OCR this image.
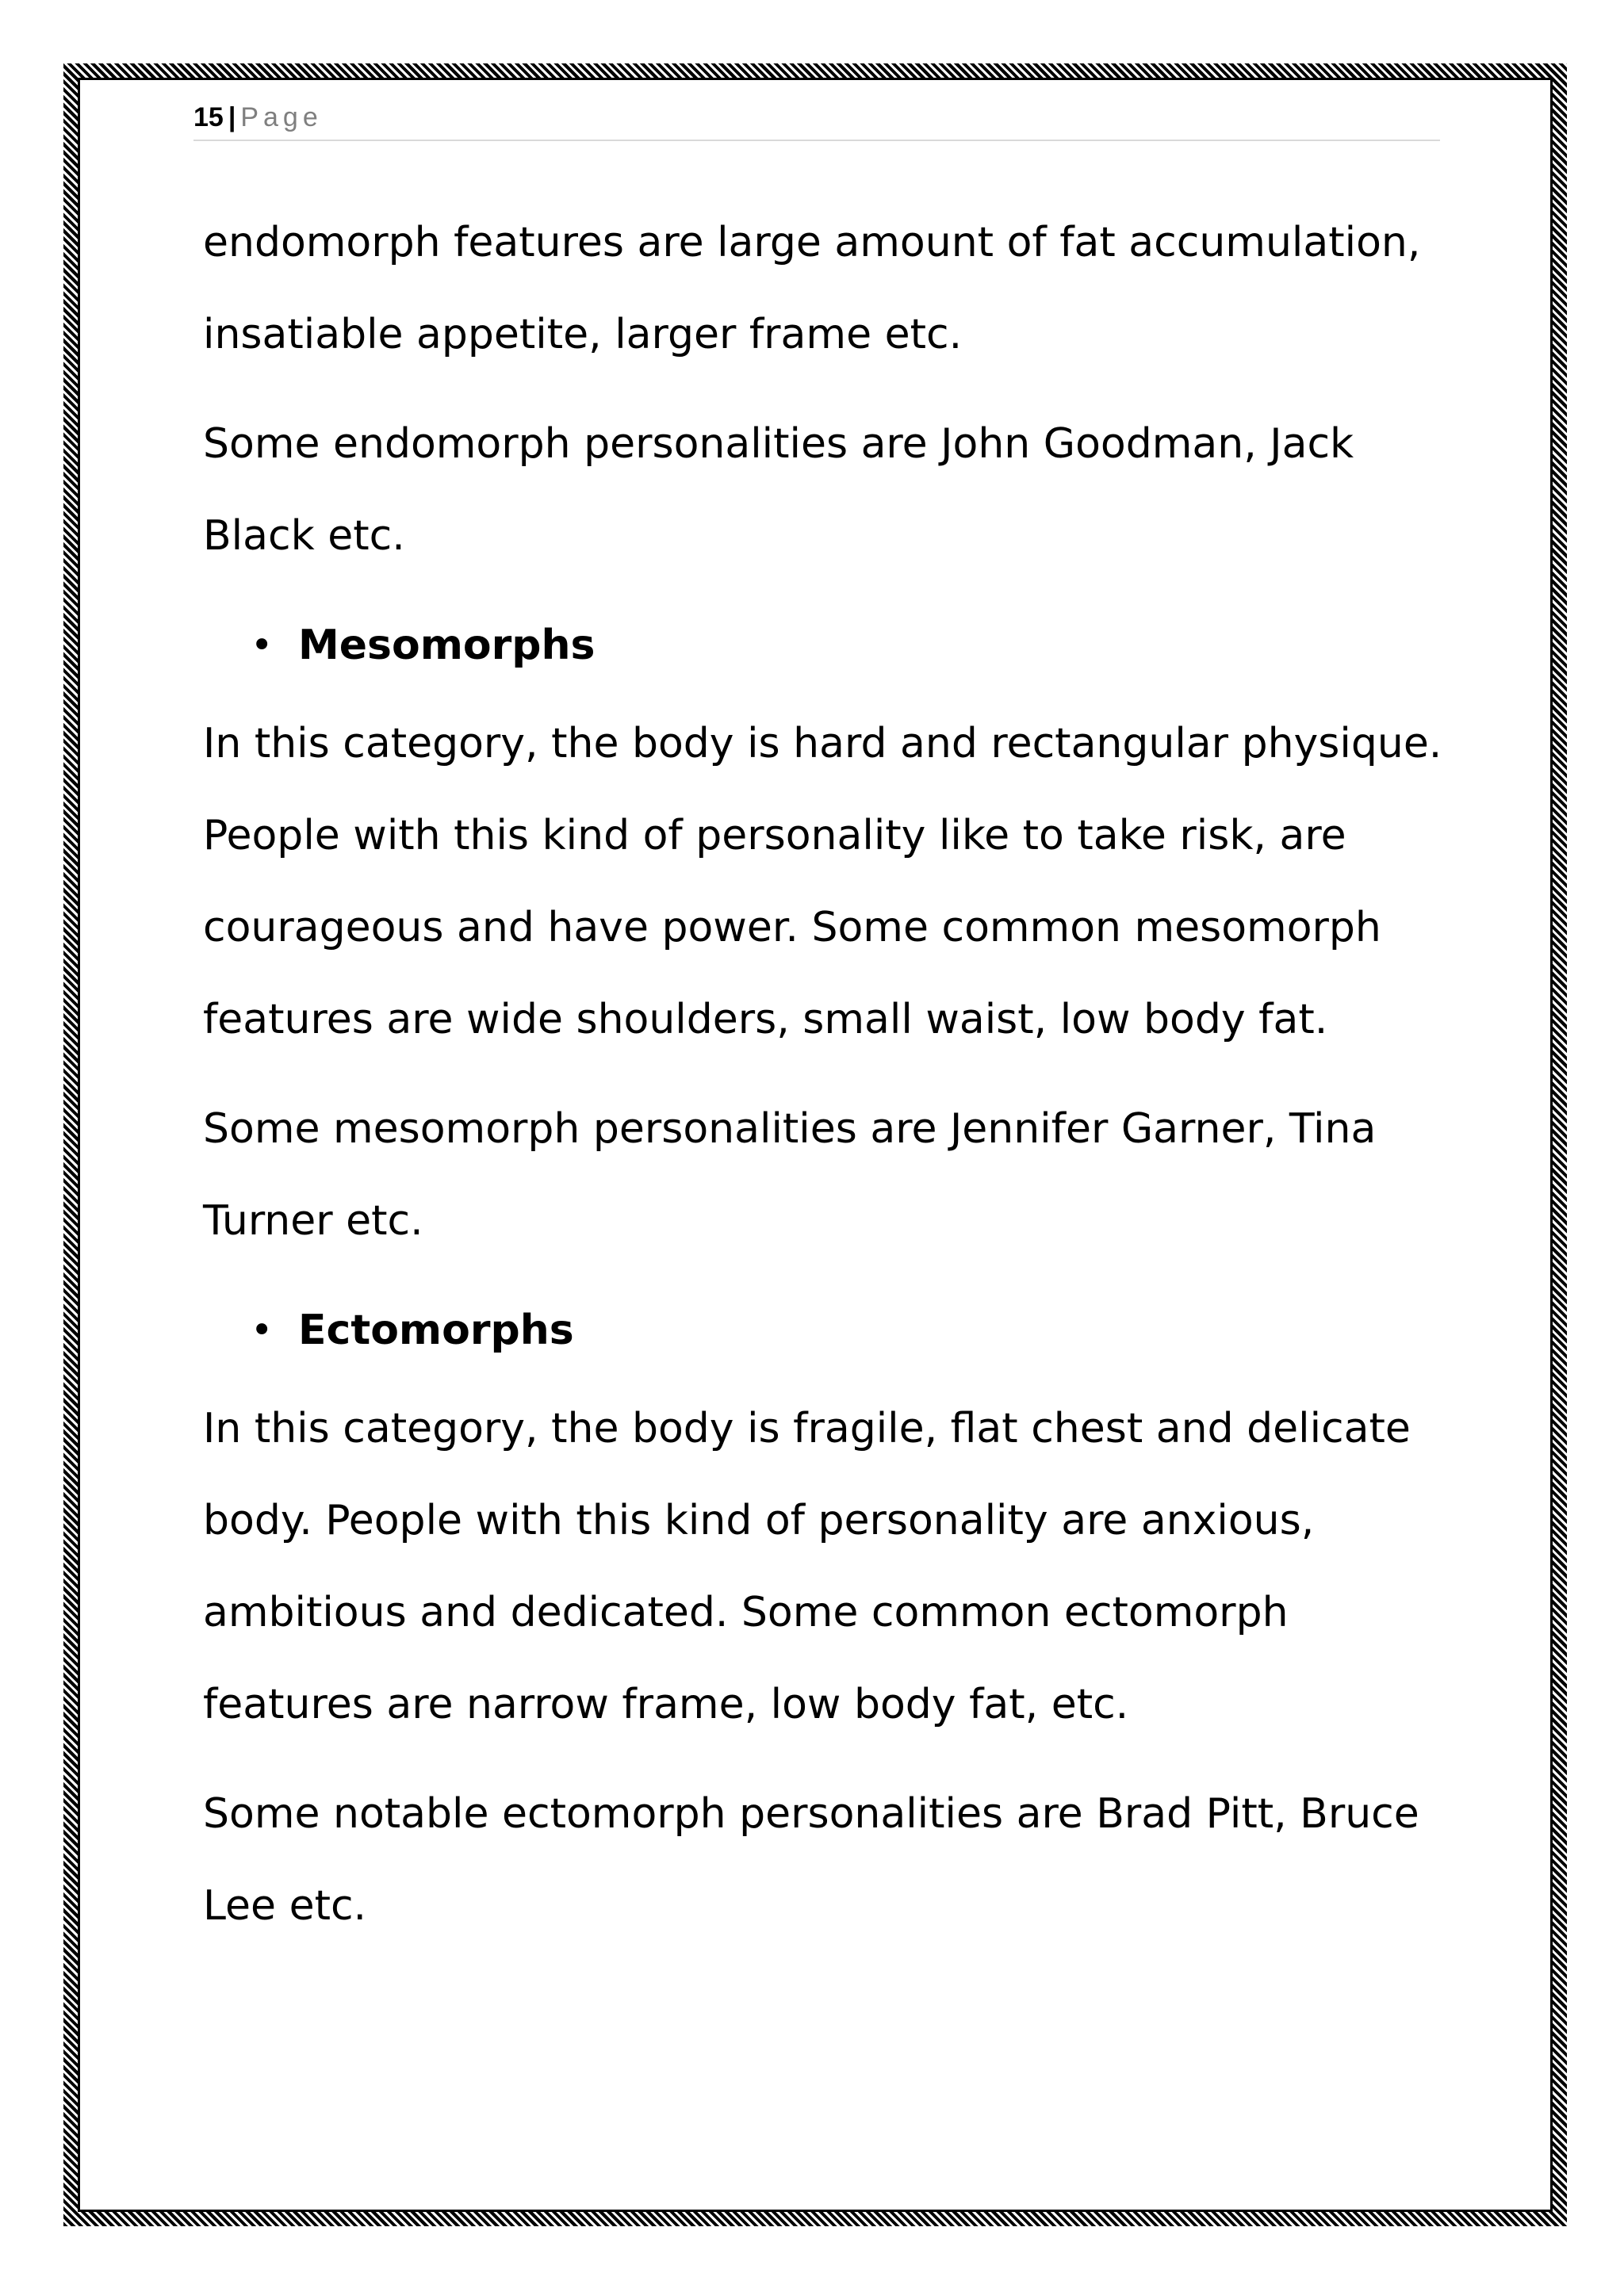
15 | Page

endomorph features are large amount of fat accumulation, insatiable appetite, larger frame etc.

Some endomorph personalities are John Goodman, Jack Black etc.

• Mesomorphs

In this category, the body is hard and rectangular physique. People with this kind of personality like to take risk, are courageous and have power. Some common mesomorph features are wide shoulders, small waist, low body fat.

Some mesomorph personalities are Jennifer Garner, Tina Turner etc.

• Ectomorphs

In this category, the body is fragile, flat chest and delicate body. People with this kind of personality are anxious, ambitious and dedicated. Some common ectomorph features are narrow frame, low body fat, etc.

Some notable ectomorph personalities are Brad Pitt, Bruce Lee etc.
